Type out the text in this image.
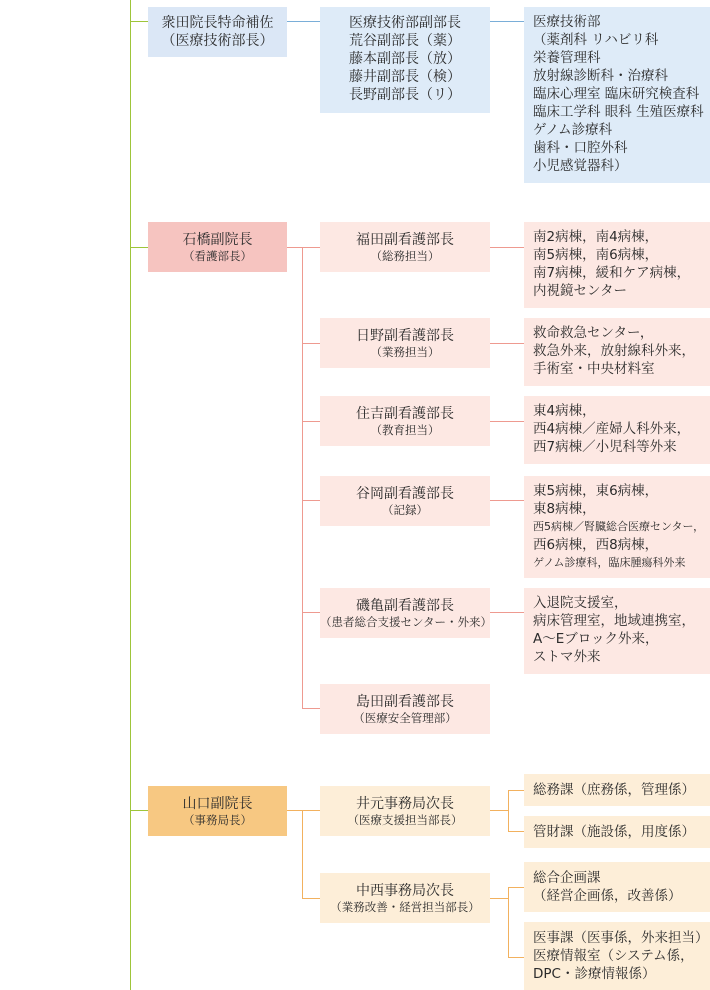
衆田院長特命補佐
（医療技術部長）
医療技術部副部長
荒谷副部長（薬）
藤本副部長（放）
藤井副部長（検）
長野副部長（リ）
医療技術部
（薬剤科 リハビリ科
栄養管理科
放射線診断科・治療科
臨床心理室 臨床研究検査科
臨床工学科 眼科 生殖医療科
ゲノム診療科
歯科・口腔外科
小児感覚器科）
石橋副院長
（看護部長）
福田副看護部長
（総務担当）
南2病棟，南4病棟，
南5病棟，南6病棟，
南7病棟，緩和ケア病棟，
内視鏡センター
日野副看護部長
（業務担当）
救命救急センター，
救急外来，放射線科外来，
手術室・中央材料室
住吉副看護部長
（教育担当）
東4病棟，
西4病棟／産婦人科外来，
西7病棟／小児科等外来
谷岡副看護部長
（記録）
東5病棟，東6病棟，
東8病棟，
西5病棟／腎臓総合医療センター，
西6病棟，西8病棟，
ゲノム診療科，臨床腫瘍科外来
磯亀副看護部長
（患者総合支援センター・外来）
入退院支援室，
病床管理室，地域連携室，
A～Eブロック外来，
ストマ外来
島田副看護部長
（医療安全管理部）
山口副院長
（事務局長）
井元事務局次長
（医療支援担当部長）
総務課（庶務係，管理係）
管財課（施設係，用度係）
中西事務局次長
（業務改善・経営担当部長）
総合企画課
（経営企画係，改善係）
医事課（医事係，外来担当）
医療情報室（システム係，
DPC・診療情報係）
